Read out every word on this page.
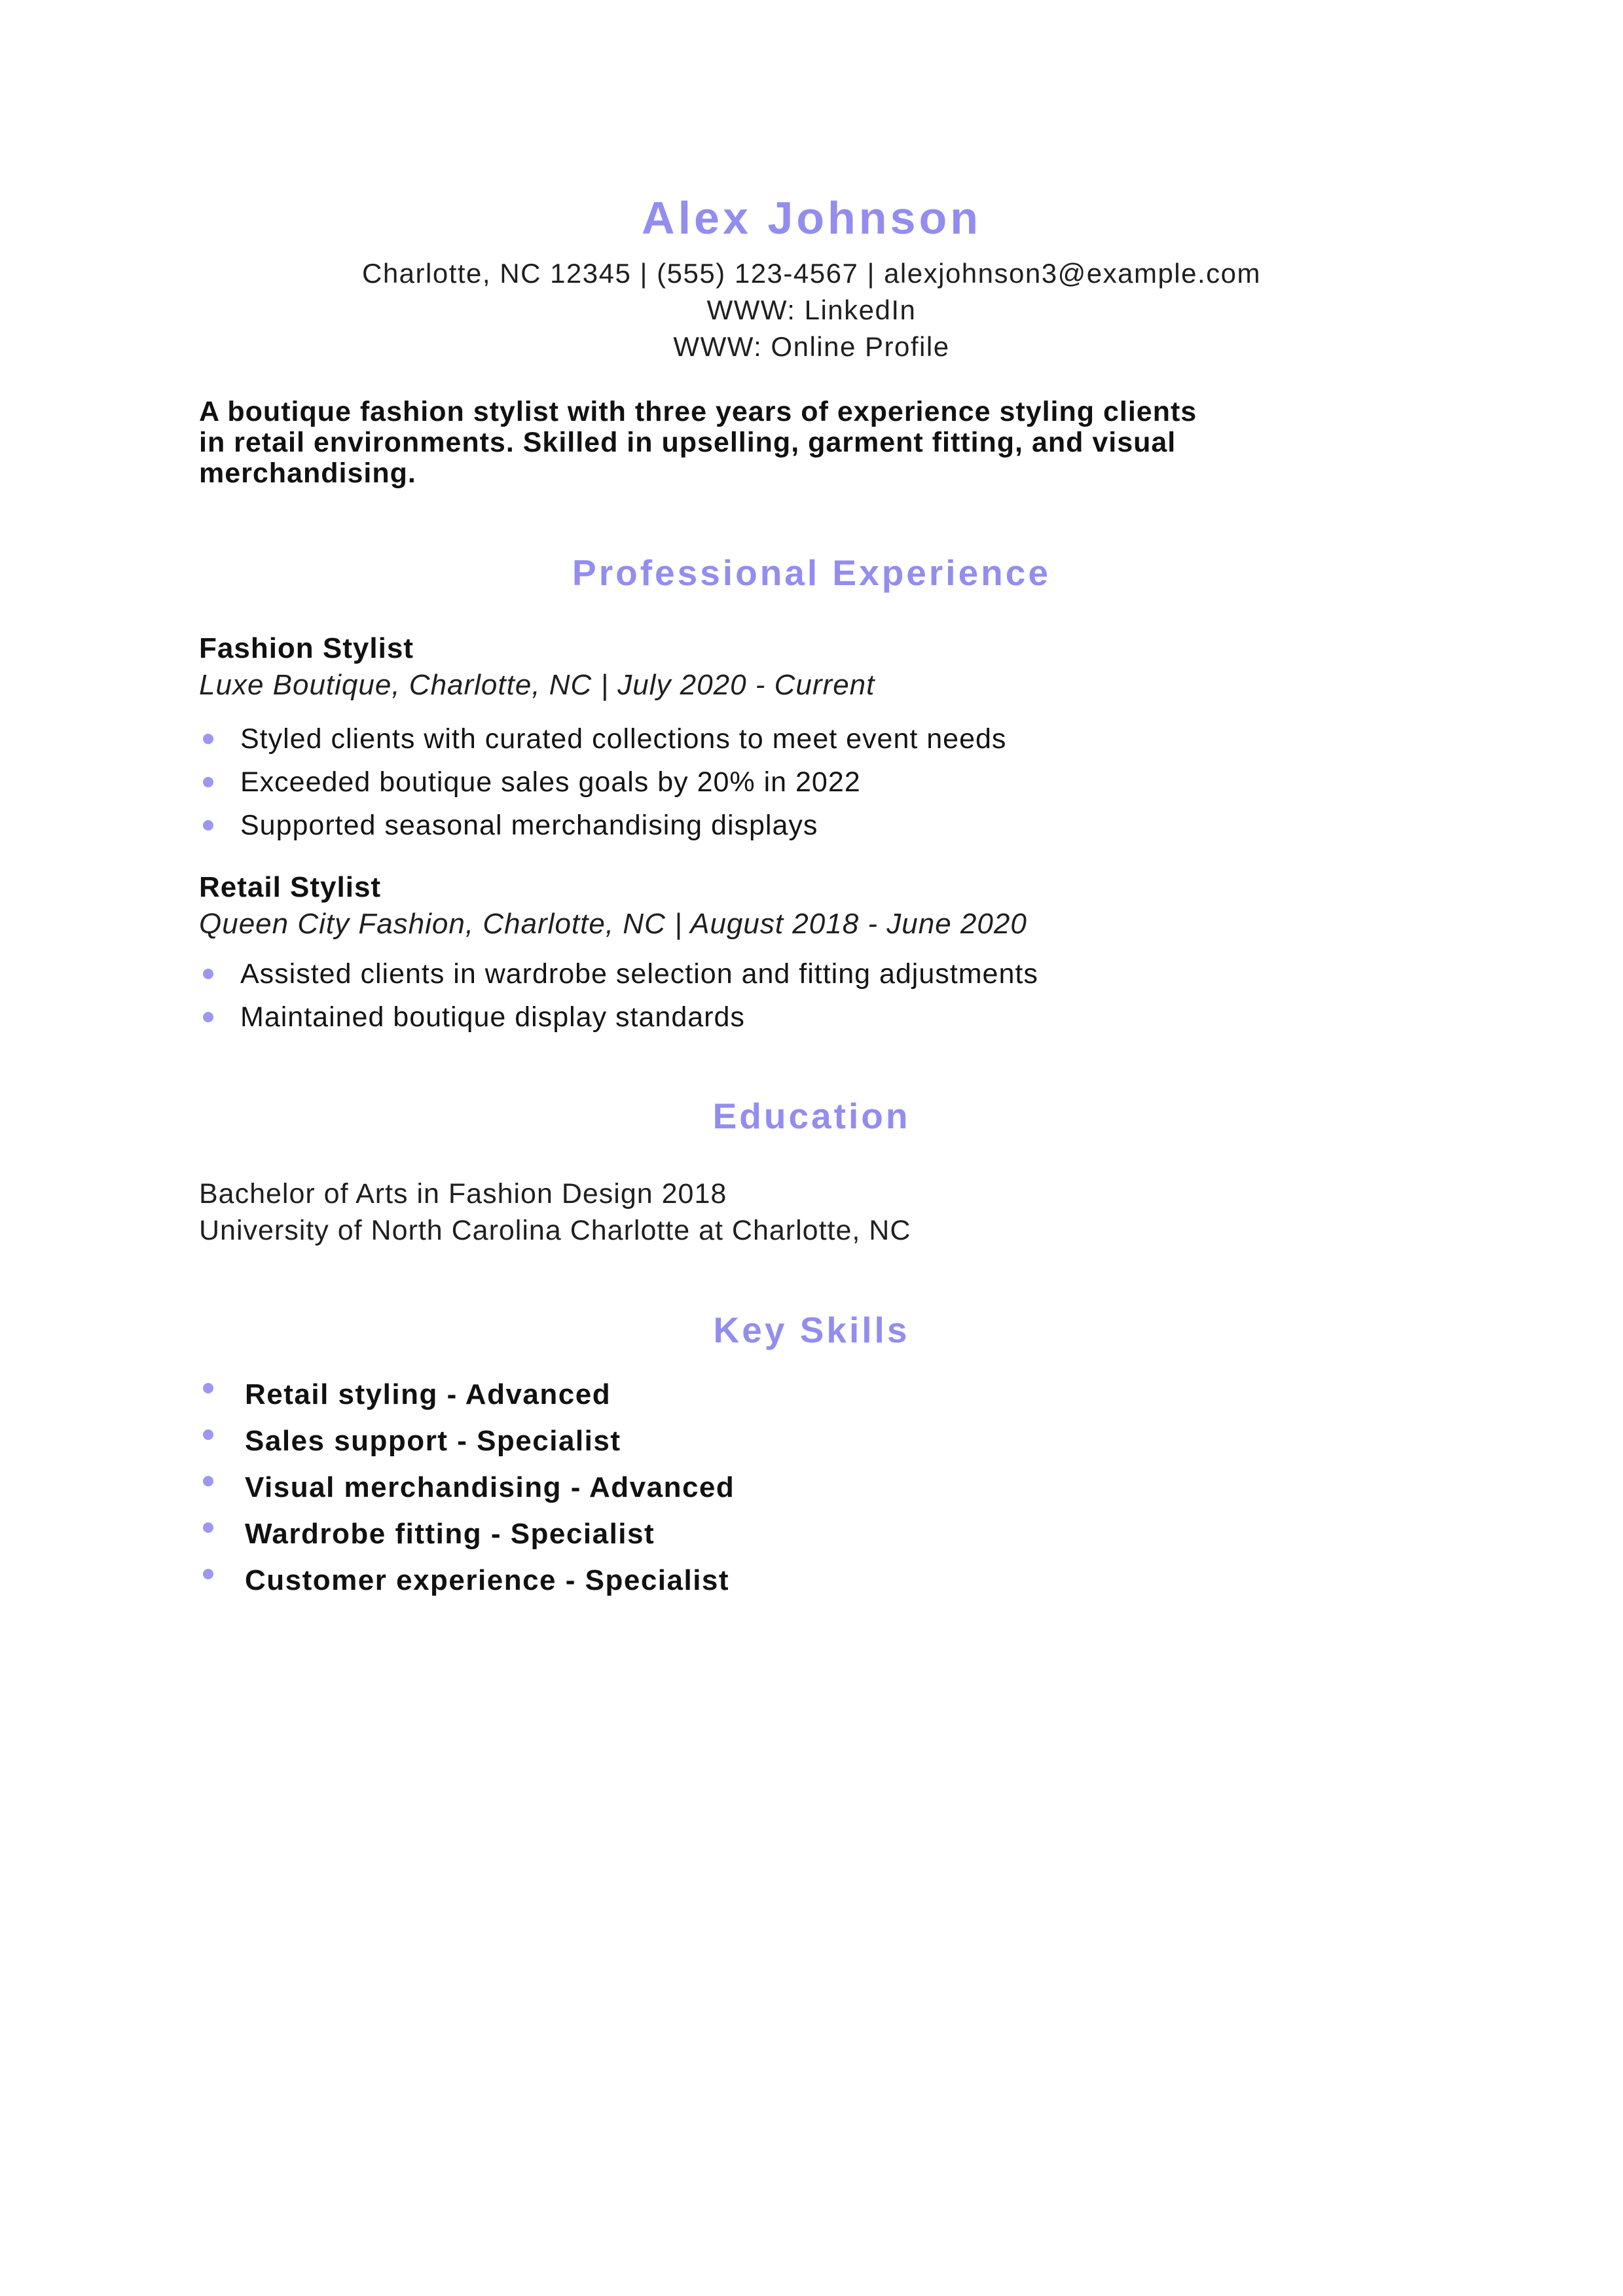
Alex Johnson
Charlotte, NC 12345 | (555) 123-4567 | alexjohnson3@example.com
WWW: LinkedIn
WWW: Online Profile
A boutique fashion stylist with three years of experience styling clients
in retail environments. Skilled in upselling, garment fitting, and visual
merchandising.
Professional Experience
Fashion Stylist
Luxe Boutique, Charlotte, NC | July 2020 - Current
Styled clients with curated collections to meet event needs
Exceeded boutique sales goals by 20% in 2022
Supported seasonal merchandising displays
Retail Stylist
Queen City Fashion, Charlotte, NC | August 2018 - June 2020
Assisted clients in wardrobe selection and fitting adjustments
Maintained boutique display standards
Education
Bachelor of Arts in Fashion Design 2018
University of North Carolina Charlotte at Charlotte, NC
Key Skills
Retail styling - Advanced
Sales support - Specialist
Visual merchandising - Advanced
Wardrobe fitting - Specialist
Customer experience - Specialist
